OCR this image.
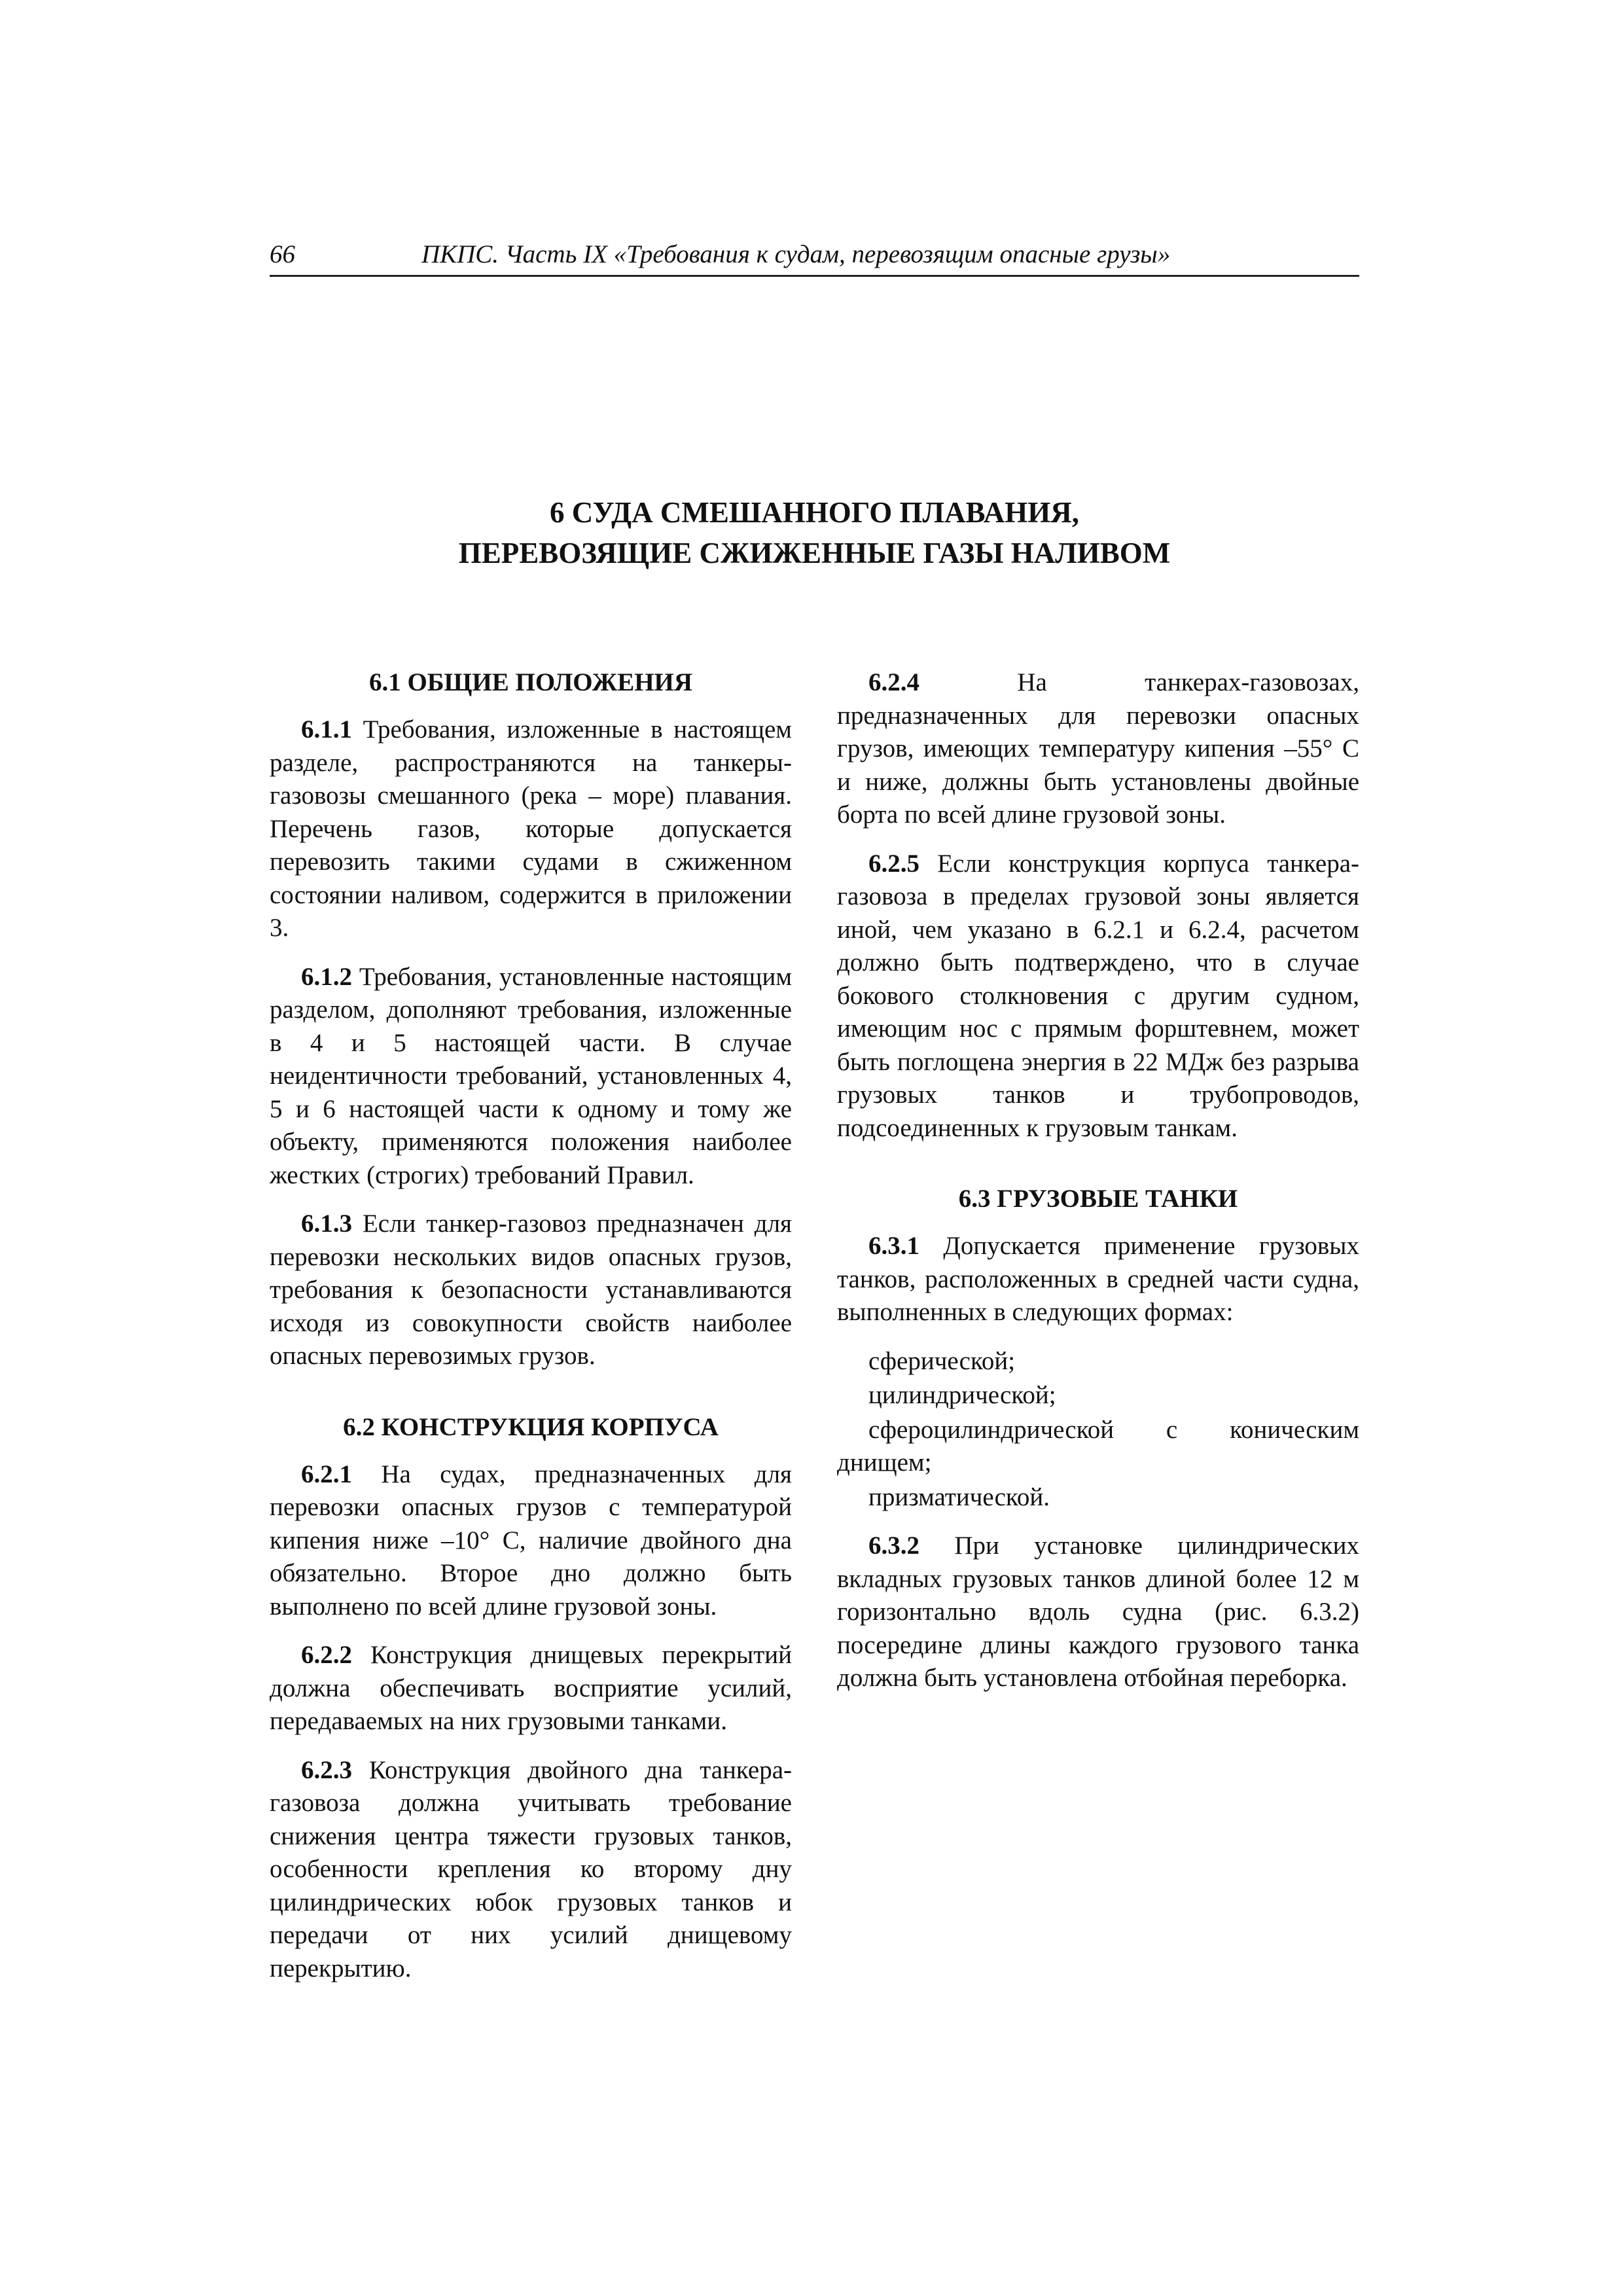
66	ПКПС. Часть IX «Требования к судам, перевозящим опасные грузы»
6 СУДА СМЕШАННОГО ПЛАВАНИЯ,
ПЕРЕВОЗЯЩИЕ СЖИЖЕННЫЕ ГАЗЫ НАЛИВОМ
6.1 ОБЩИЕ ПОЛОЖЕНИЯ

6.1.1 Требования, изложенные в настоящем разделе, распространяются на танкеры-газовозы смешанного (река – море) плавания. Перечень газов, которые допускается перевозить такими судами в сжиженном состоянии наливом, содержится в приложении 3.

6.1.2 Требования, установленные настоящим разделом, дополняют требования, изложенные в 4 и 5 настоящей части. В случае неидентичности требований, установленных 4, 5 и 6 настоящей части к одному и тому же объекту, применяются положения наиболее жестких (строгих) требований Правил.

6.1.3 Если танкер-газовоз предназначен для перевозки нескольких видов опасных грузов, требования к безопасности устанавливаются исходя из совокупности свойств наиболее опасных перевозимых грузов.

6.2 КОНСТРУКЦИЯ КОРПУСА

6.2.1 На судах, предназначенных для перевозки опасных грузов с температурой кипения ниже –10° С, наличие двойного дна обязательно. Второе дно должно быть выполнено по всей длине грузовой зоны.

6.2.2 Конструкция днищевых перекрытий должна обеспечивать восприятие усилий, передаваемых на них грузовыми танками.

6.2.3 Конструкция двойного дна танкера-газовоза должна учитывать требование снижения центра тяжести грузовых танков, особенности крепления ко второму дну цилиндрических юбок грузовых танков и передачи от них усилий днищевому перекрытию.

6.2.4 На танкерах-газовозах, предназначенных для перевозки опасных грузов, имеющих температуру кипения –55° С и ниже, должны быть установлены двойные борта по всей длине грузовой зоны.

6.2.5 Если конструкция корпуса танкера-газовоза в пределах грузовой зоны является иной, чем указано в 6.2.1 и 6.2.4, расчетом должно быть подтверждено, что в случае бокового столкновения с другим судном, имеющим нос с прямым форштевнем, может быть поглощена энергия в 22 МДж без разрыва грузовых танков и трубопроводов, подсоединенных к грузовым танкам.

6.3 ГРУЗОВЫЕ ТАНКИ

6.3.1 Допускается применение грузовых танков, расположенных в средней части судна, выполненных в следующих формах:

сферической;

цилиндрической;

сфероцилиндрической с коническим днищем;

призматической.

6.3.2 При установке цилиндрических вкладных грузовых танков длиной более 12 м горизонтально вдоль судна (рис. 6.3.2) посередине длины каждого грузового танка должна быть установлена отбойная переборка.
